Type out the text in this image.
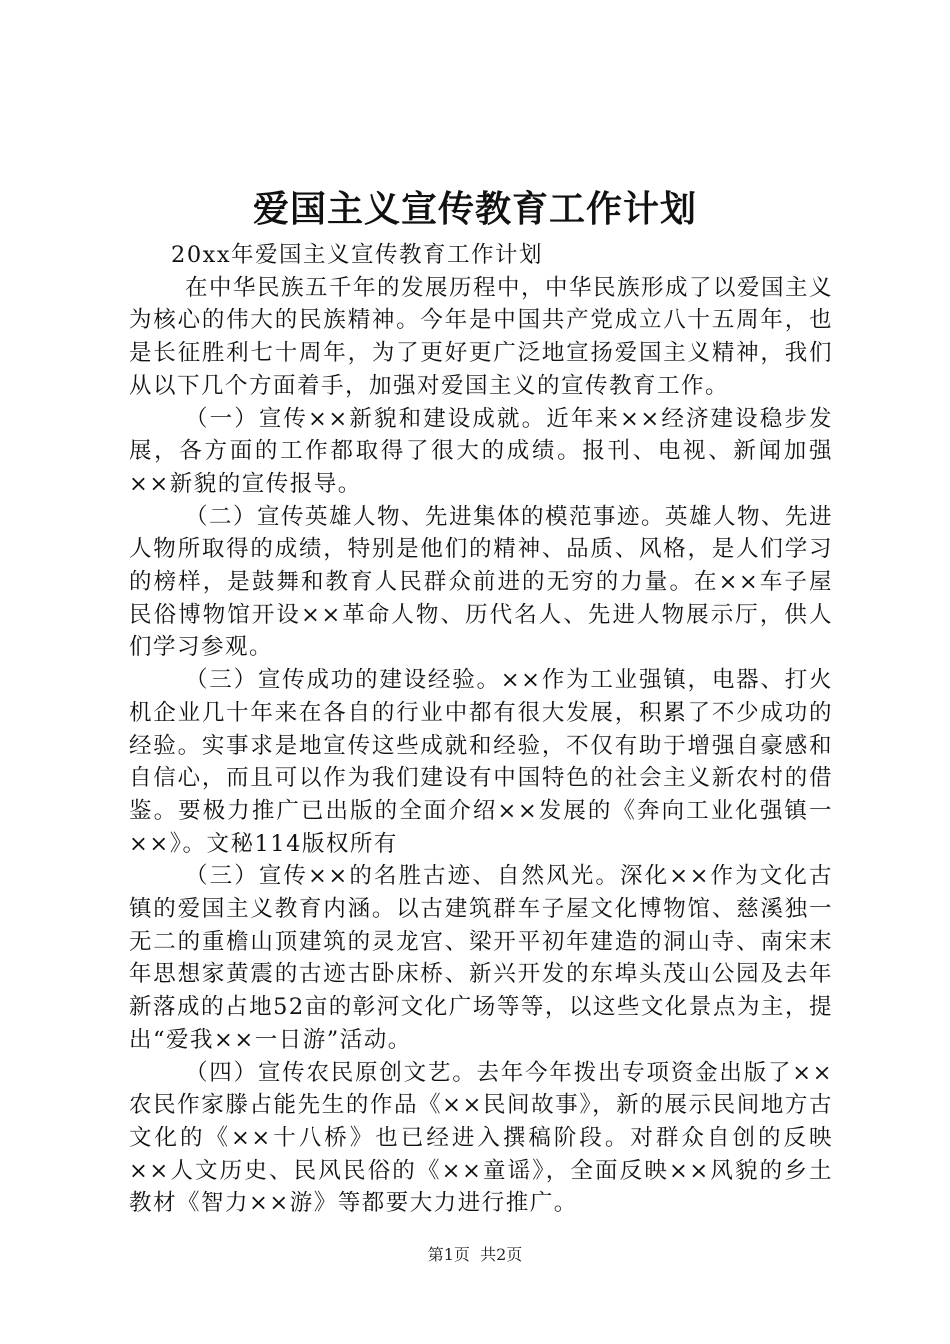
爱国主义宣传教育工作计划

20xx年爱国主义宣传教育工作计划

在中华民族五千年的发展历程中，中华民族形成了以爱国主义为核心的伟大的民族精神。今年是中国共产党成立八十五周年，也是长征胜利七十周年，为了更好更广泛地宣扬爱国主义精神，我们从以下几个方面着手，加强对爱国主义的宣传教育工作。

（一）宣传××新貌和建设成就。近年来××经济建设稳步发展，各方面的工作都取得了很大的成绩。报刊、电视、新闻加强××新貌的宣传报导。

（二）宣传英雄人物、先进集体的模范事迹。英雄人物、先进人物所取得的成绩，特别是他们的精神、品质、风格，是人们学习的榜样，是鼓舞和教育人民群众前进的无穷的力量。在××车子屋民俗博物馆开设××革命人物、历代名人、先进人物展示厅，供人们学习参观。

（三）宣传成功的建设经验。××作为工业强镇，电器、打火机企业几十年来在各自的行业中都有很大发展，积累了不少成功的经验。实事求是地宣传这些成就和经验，不仅有助于增强自豪感和自信心，而且可以作为我们建设有中国特色的社会主义新农村的借鉴。要极力推广已出版的全面介绍××发展的《奔向工业化强镇一××》。文秘114版权所有

（三）宣传××的名胜古迹、自然风光。深化××作为文化古镇的爱国主义教育内涵。以古建筑群车子屋文化博物馆、慈溪独一无二的重檐山顶建筑的灵龙宫、梁开平初年建造的洞山寺、南宋末年思想家黄震的古迹古卧床桥、新兴开发的东埠头茂山公园及去年新落成的占地52亩的彰河文化广场等等，以这些文化景点为主，提出“爱我××一日游”活动。

（四）宣传农民原创文艺。去年今年拨出专项资金出版了××农民作家滕占能先生的作品《××民间故事》，新的展示民间地方古文化的《××十八桥》也已经进入撰稿阶段。对群众自创的反映××人文历史、民风民俗的《××童谣》，全面反映××风貌的乡土教材《智力××游》等都要大力进行推广。

第1页  共2页
